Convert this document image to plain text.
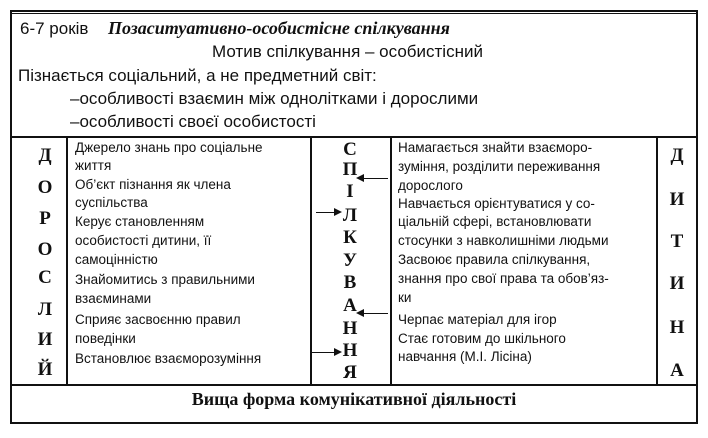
6-7 років Позаситуативно-особистісне спілкування
Мотив спілкування – особистісний
Пізнається соціальний, а не предметний світ:
–особливості взаємин між однолітками і дорослими
–особливості своєї особистості
Д
О
Р
О
С
Л
И
Й
Джерело знань про соціальне
життя
Об’єкт пізнання як члена
суспільства
Керує становленням
особистості дитини, її
самоцінністю
Знайомитись з правильними
взаєминами
Сприяє засвоєнню правил
поведінки
Встановлює взаєморозуміння
С
П
І
Л
К
У
В
А
Н
Н
Я
Намагається знайти взаєморо-
зуміння, розділити переживання
дорослого
Навчається орієнтуватися у со-
ціальній сфері, встановлювати
стосунки з навколишніми людьми
Засвоює правила спілкування,
знання про свої права та обов’яз-
ки
Черпає матеріал для ігор
Стає готовим до шкільного
навчання (М.І. Лісіна)
Д
И
Т
И
Н
А
Вища форма комунікативної діяльності
